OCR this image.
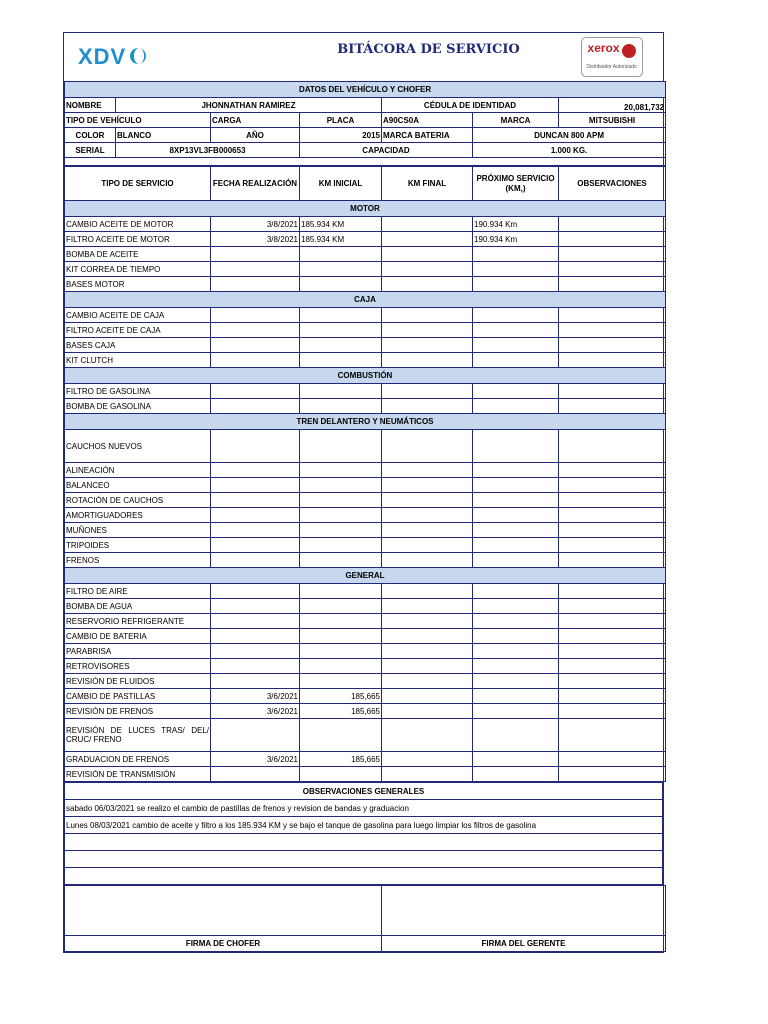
XDV	BITÁCORA DE SERVICIO	xerox
Distribuidor Autorizado
DATOS DEL VEHÍCULO Y CHOFER						
NOMBRE	JHONNATHAN RAMIREZ			CÉDULA DE IDENTIDAD		20,081,732
TIPO DE VEHÍCULO		CARGA	PLACA	A90CS0A	MARCA	MITSUBISHI
COLOR	BLANCO	AÑO	2015	MARCA BATERIA	DUNCAN 800 APM	
SERIAL	8XP13VL3FB000653		CAPACIDAD		1.000 KG.	

TIPO DE SERVICIO	FECHA REALIZACIÓN	KM INICIAL	KM FINAL	PRÓXIMO SERVICIO (KM,)	OBSERVACIONES
MOTOR					
CAMBIO ACEITE DE MOTOR	3/8/2021	185.934 KM		190.934 Km	
FILTRO ACEITE DE MOTOR	3/8/2021	185.934 KM		190.934 Km	
BOMBA DE ACEITE					
KIT CORREA DE TIEMPO					
BASES MOTOR					
CAJA					
CAMBIO ACEITE DE CAJA					
FILTRO ACEITE DE CAJA					
BASES CAJA					
KIT CLUTCH					
COMBUSTIÓN					
FILTRO DE GASOLINA					
BOMBA DE GASOLINA					
TREN DELANTERO Y NEUMÁTICOS					
CAUCHOS NUEVOS					
ALINEACIÓN					
BALANCEO					
ROTACIÓN DE CAUCHOS					
AMORTIGUADORES					
MUÑONES					
TRIPOIDES					
FRENOS					
GENERAL					
FILTRO DE AIRE					
BOMBA DE AGUA					
RESERVORIO REFRIGERANTE					
CAMBIO DE BATERIA					
PARABRISA					
RETROVISORES					
REVISIÓN DE FLUIDOS					
CAMBIO DE PASTILLAS	3/6/2021	185,665			
REVISIÓN DE FRENOS	3/6/2021	185,665			
REVISIÓN DE LUCES TRAS/ DEL/ CRUC/ FRENO					
GRADUACION DE FRENOS	3/6/2021	185,665			
REVISIÓN DE TRANSMISIÓN					
OBSERVACIONES GENERALES
sabado 06/03/2021 se realizo el cambio de pastillas de frenos y revision de bandas y graduacion
Lunes 08/03/2021 cambio de aceite y filtro a los 185.934 KM y se bajo el tanque de gasolina para luego limpiar los filtros de gasolina

FIRMA DE CHOFER	FIRMA DEL GERENTE
